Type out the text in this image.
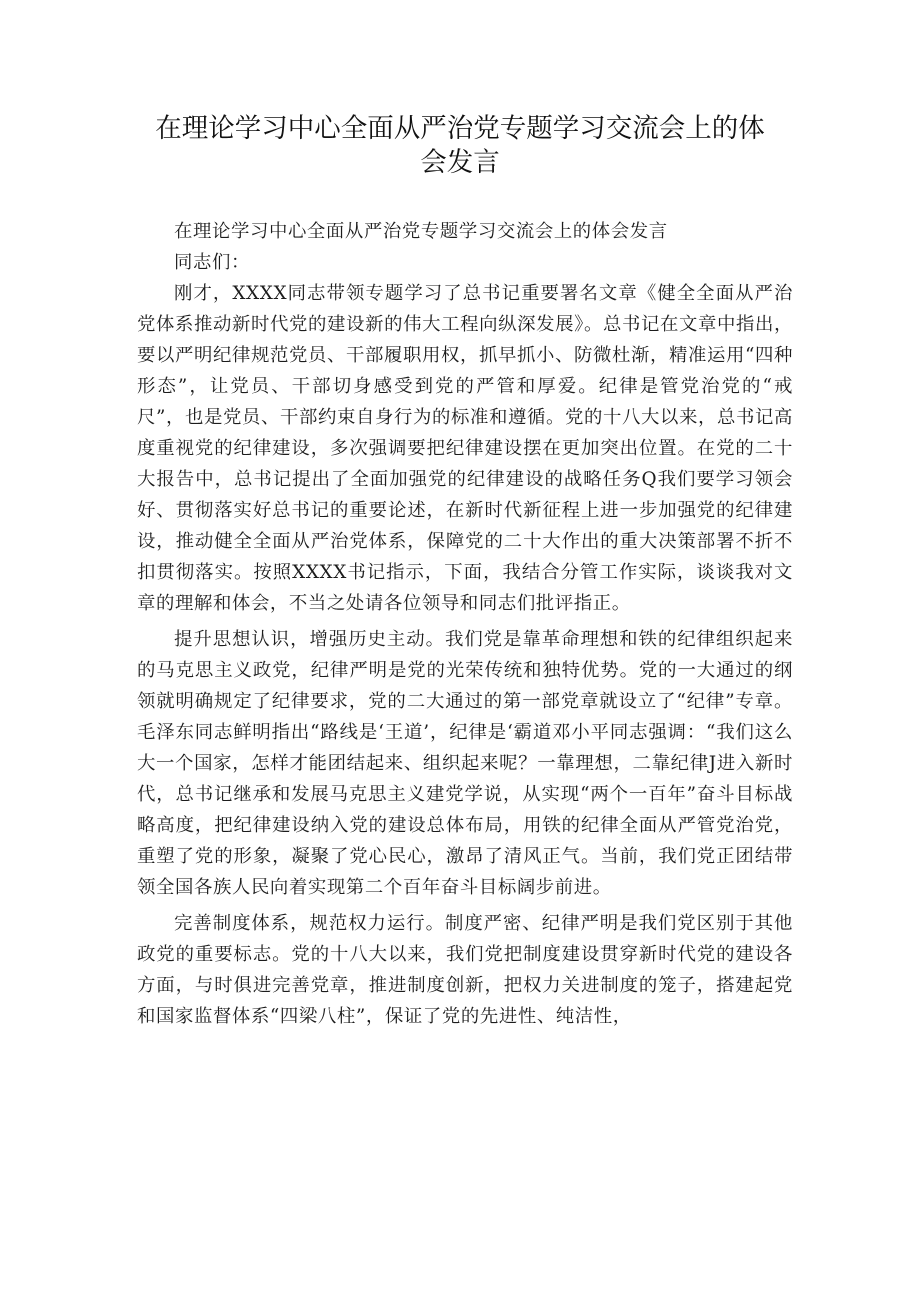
在理论学习中心全面从严治党专题学习交流会上的体
会发言

在理论学习中心全面从严治党专题学习交流会上的体会发言

同志们：

刚才，XXXX同志带领专题学习了总书记重要署名文章《健全全面从严治党体系推动新时代党的建设新的伟大工程向纵深发展》。总书记在文章中指出，要以严明纪律规范党员、干部履职用权，抓早抓小、防微杜渐，精准运用“四种形态”，让党员、干部切身感受到党的严管和厚爱。纪律是管党治党的“戒尺”，也是党员、干部约束自身行为的标准和遵循。党的十八大以来，总书记高度重视党的纪律建设，多次强调要把纪律建设摆在更加突出位置。在党的二十大报告中，总书记提出了全面加强党的纪律建设的战略任务Q我们要学习领会好、贯彻落实好总书记的重要论述，在新时代新征程上进一步加强党的纪律建设，推动健全全面从严治党体系，保障党的二十大作出的重大决策部署不折不扣贯彻落实。按照XXXX书记指示，下面，我结合分管工作实际，谈谈我对文章的理解和体会，不当之处请各位领导和同志们批评指正。

提升思想认识，增强历史主动。我们党是靠革命理想和铁的纪律组织起来的马克思主义政党，纪律严明是党的光荣传统和独特优势。党的一大通过的纲领就明确规定了纪律要求，党的二大通过的第一部党章就设立了“纪律”专章。毛泽东同志鲜明指出“路线是‘王道’，纪律是‘霸道邓小平同志强调：“我们这么大一个国家，怎样才能团结起来、组织起来呢？一靠理想，二靠纪律J进入新时代，总书记继承和发展马克思主义建党学说，从实现“两个一百年”奋斗目标战略高度，把纪律建设纳入党的建设总体布局，用铁的纪律全面从严管党治党，重塑了党的形象，凝聚了党心民心，激昂了清风正气。当前，我们党正团结带领全国各族人民向着实现第二个百年奋斗目标阔步前进。

完善制度体系，规范权力运行。制度严密、纪律严明是我们党区别于其他政党的重要标志。党的十八大以来，我们党把制度建设贯穿新时代党的建设各方面，与时俱进完善党章，推进制度创新，把权力关进制度的笼子，搭建起党和国家监督体系“四梁八柱”，保证了党的先进性、纯洁性，
